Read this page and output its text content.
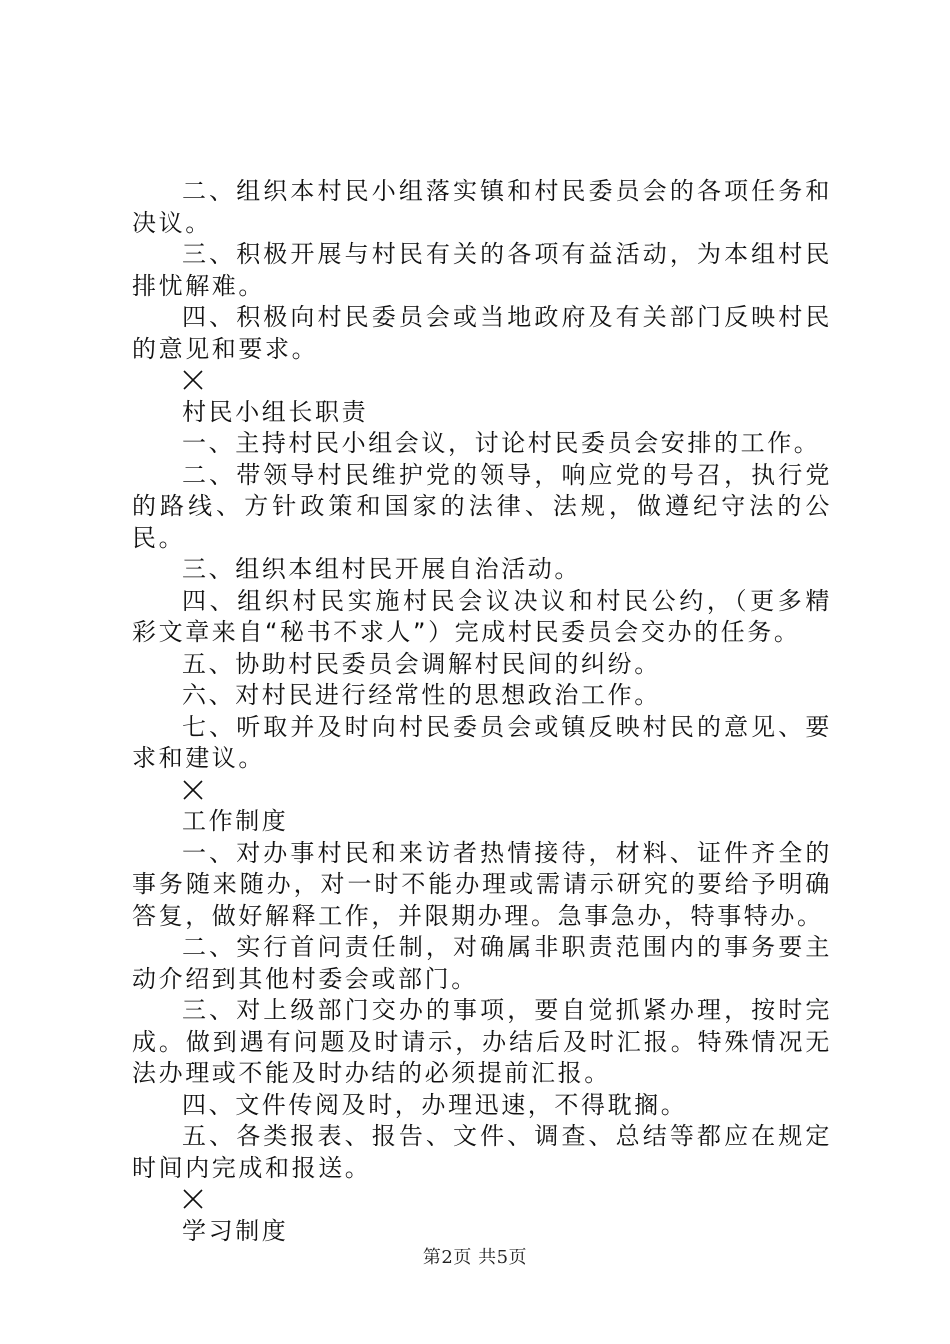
二、组织本村民小组落实镇和村民委员会的各项任务和决议。

三、积极开展与村民有关的各项有益活动，为本组村民排忧解难。

四、积极向村民委员会或当地政府及有关部门反映村民的意见和要求。

村民小组长职责

一、主持村民小组会议，讨论村民委员会安排的工作。

二、带领导村民维护党的领导，响应党的号召，执行党的路线、方针政策和国家的法律、法规，做遵纪守法的公民。

三、组织本组村民开展自治活动。

四、组织村民实施村民会议决议和村民公约，（更多精彩文章来自“秘书不求人”）完成村民委员会交办的任务。

五、协助村民委员会调解村民间的纠纷。

六、对村民进行经常性的思想政治工作。

七、听取并及时向村民委员会或镇反映村民的意见、要求和建议。

工作制度

一、对办事村民和来访者热情接待，材料、证件齐全的事务随来随办，对一时不能办理或需请示研究的要给予明确答复，做好解释工作，并限期办理。急事急办，特事特办。

二、实行首问责任制，对确属非职责范围内的事务要主动介绍到其他村委会或部门。

三、对上级部门交办的事项，要自觉抓紧办理，按时完成。做到遇有问题及时请示，办结后及时汇报。特殊情况无法办理或不能及时办结的必须提前汇报。

四、文件传阅及时，办理迅速，不得耽搁。

五、各类报表、报告、文件、调查、总结等都应在规定时间内完成和报送。

学习制度

第2页 共5页
